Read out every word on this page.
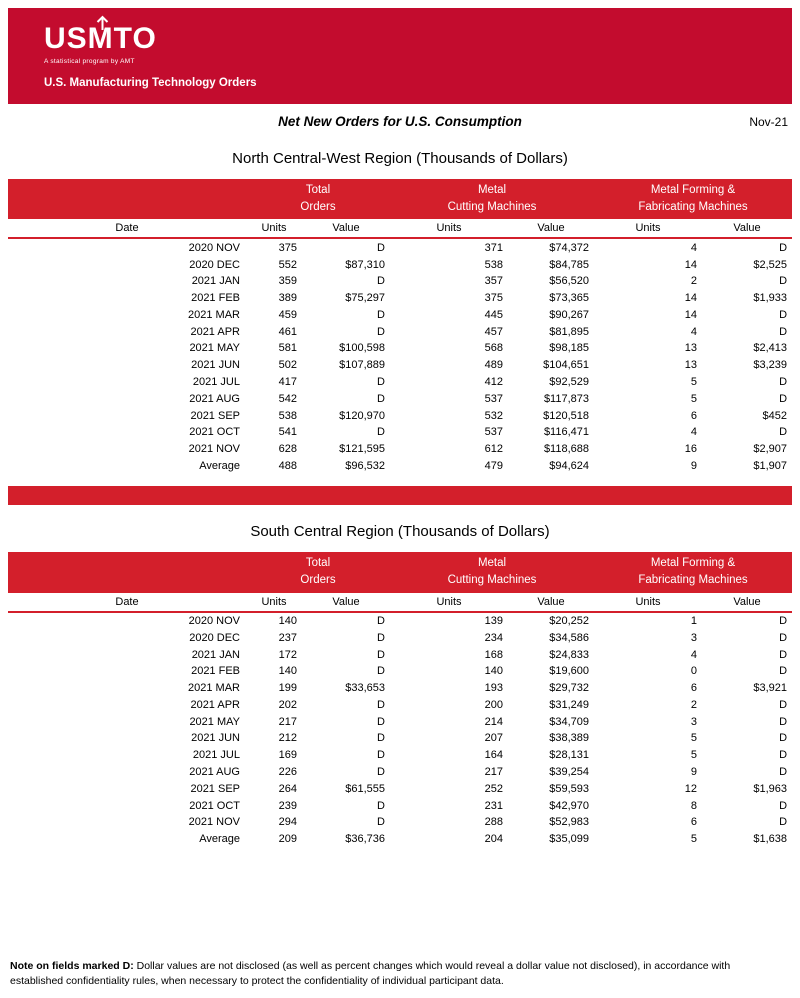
USMTO
A statistical program by AMT
U.S. Manufacturing Technology Orders
Net New Orders for U.S. Consumption	Nov-21
North Central-West Region (Thousands of Dollars)

Total
Orders

Metal
Cutting Machines

Metal Forming &
Fabricating Machines

Date	Units	Value	Units	Value	Units	Value
2020 NOV	375	D	371	$74,372	4	D
2020 DEC	552	$87,310	538	$84,785	14	$2,525
2021 JAN	359	D	357	$56,520	2	D
2021 FEB	389	$75,297	375	$73,365	14	$1,933
2021 MAR	459	D	445	$90,267	14	D
2021 APR	461	D	457	$81,895	4	D
2021 MAY	581	$100,598	568	$98,185	13	$2,413
2021 JUN	502	$107,889	489	$104,651	13	$3,239
2021 JUL	417	D	412	$92,529	5	D
2021 AUG	542	D	537	$117,873	5	D
2021 SEP	538	$120,970	532	$120,518	6	$452
2021 OCT	541	D	537	$116,471	4	D
2021 NOV	628	$121,595	612	$118,688	16	$2,907
Average	488	$96,532	479	$94,624	9	$1,907
South Central Region (Thousands of Dollars)

Total
Orders

Metal
Cutting Machines

Metal Forming &
Fabricating Machines

Date	Units	Value	Units	Value	Units	Value
2020 NOV	140	D	139	$20,252	1	D
2020 DEC	237	D	234	$34,586	3	D
2021 JAN	172	D	168	$24,833	4	D
2021 FEB	140	D	140	$19,600	0	D
2021 MAR	199	$33,653	193	$29,732	6	$3,921
2021 APR	202	D	200	$31,249	2	D
2021 MAY	217	D	214	$34,709	3	D
2021 JUN	212	D	207	$38,389	5	D
2021 JUL	169	D	164	$28,131	5	D
2021 AUG	226	D	217	$39,254	9	D
2021 SEP	264	$61,555	252	$59,593	12	$1,963
2021 OCT	239	D	231	$42,970	8	D
2021 NOV	294	D	288	$52,983	6	D
Average	209	$36,736	204	$35,099	5	$1,638
Note on fields marked D: Dollar values are not disclosed (as well as percent changes which would reveal a dollar value not disclosed), in accordance with established confidentiality rules, when necessary to protect the confidentiality of individual participant data.
